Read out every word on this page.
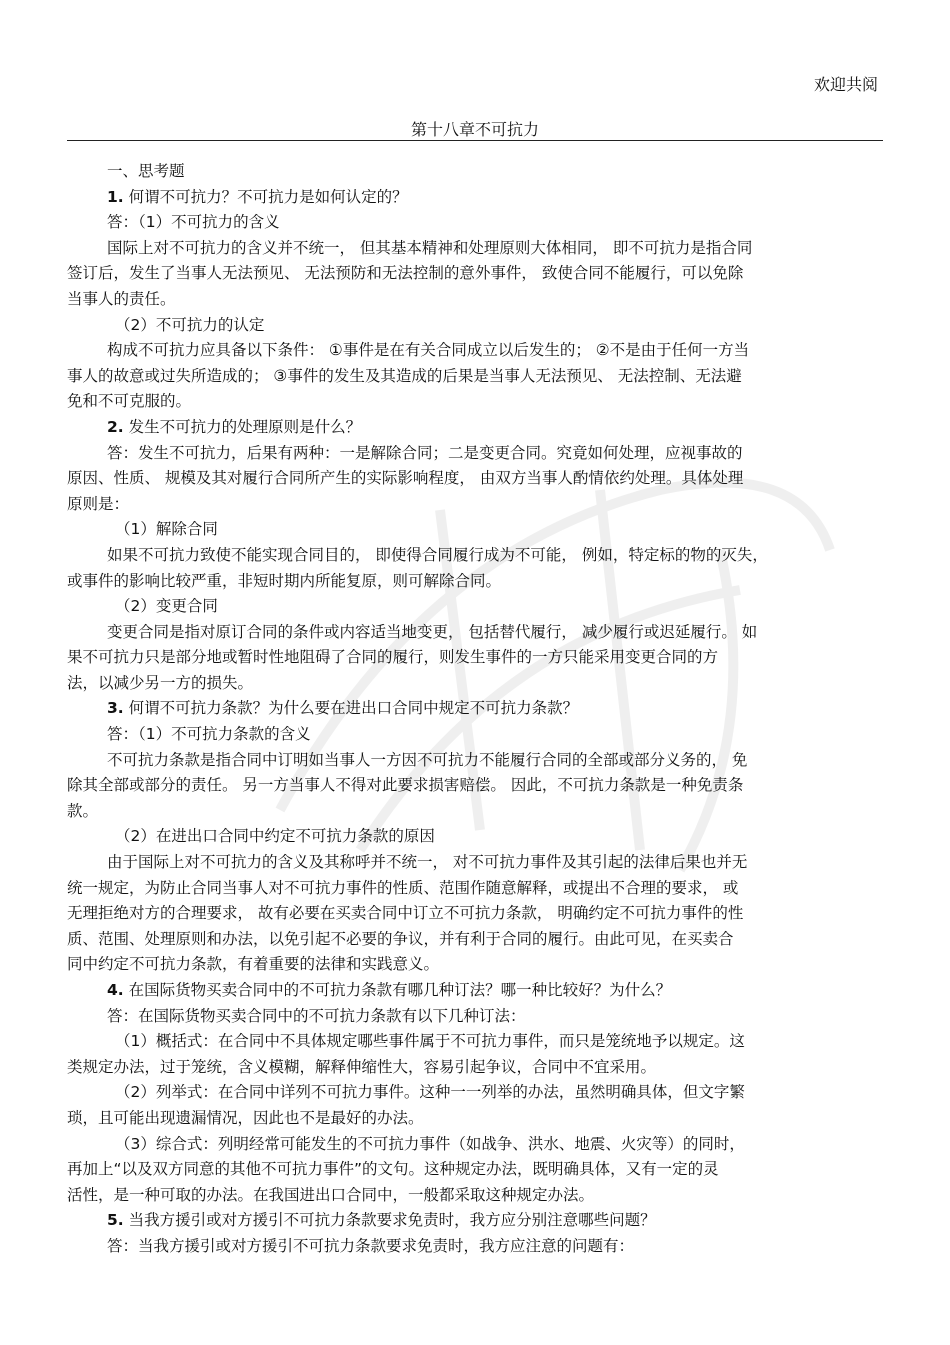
欢迎共阅
第十八章不可抗力
一、思考题
1. 何谓不可抗力？不可抗力是如何认定的？
答：（1）不可抗力的含义
国际上对不可抗力的含义并不统一， 但其基本精神和处理原则大体相同， 即不可抗力是指合同
签订后，发生了当事人无法预见、 无法预防和无法控制的意外事件， 致使合同不能履行，可以免除
当事人的责任。
（2）不可抗力的认定
构成不可抗力应具备以下条件： ①事件是在有关合同成立以后发生的； ②不是由于任何一方当
事人的故意或过失所造成的； ③事件的发生及其造成的后果是当事人无法预见、 无法控制、无法避
免和不可克服的。
2. 发生不可抗力的处理原则是什么？
答：发生不可抗力，后果有两种：一是解除合同；二是变更合同。究竟如何处理，应视事故的
原因、性质、 规模及其对履行合同所产生的实际影响程度， 由双方当事人酌情依约处理。具体处理
原则是：
（1）解除合同
如果不可抗力致使不能实现合同目的， 即使得合同履行成为不可能， 例如，特定标的物的灭失，
或事件的影响比较严重，非短时期内所能复原，则可解除合同。
（2）变更合同
变更合同是指对原订合同的条件或内容适当地变更， 包括替代履行， 减少履行或迟延履行。 如
果不可抗力只是部分地或暂时性地阻碍了合同的履行，则发生事件的一方只能采用变更合同的方
法，以减少另一方的损失。
3. 何谓不可抗力条款？为什么要在进出口合同中规定不可抗力条款？
答：（1）不可抗力条款的含义
不可抗力条款是指合同中订明如当事人一方因不可抗力不能履行合同的全部或部分义务的， 免
除其全部或部分的责任。 另一方当事人不得对此要求损害赔偿。 因此，不可抗力条款是一种免责条
款。
（2）在进出口合同中约定不可抗力条款的原因
由于国际上对不可抗力的含义及其称呼并不统一， 对不可抗力事件及其引起的法律后果也并无
统一规定，为防止合同当事人对不可抗力事件的性质、范围作随意解释，或提出不合理的要求， 或
无理拒绝对方的合理要求， 故有必要在买卖合同中订立不可抗力条款， 明确约定不可抗力事件的性
质、范围、处理原则和办法，以免引起不必要的争议，并有利于合同的履行。由此可见，在买卖合
同中约定不可抗力条款，有着重要的法律和实践意义。
4. 在国际货物买卖合同中的不可抗力条款有哪几种订法？哪一种比较好？为什么？
答：在国际货物买卖合同中的不可抗力条款有以下几种订法：
（1）概括式：在合同中不具体规定哪些事件属于不可抗力事件，而只是笼统地予以规定。这
类规定办法，过于笼统，含义模糊，解释伸缩性大，容易引起争议，合同中不宜采用。
（2）列举式：在合同中详列不可抗力事件。这种一一列举的办法，虽然明确具体，但文字繁
琐，且可能出现遗漏情况，因此也不是最好的办法。
（3）综合式：列明经常可能发生的不可抗力事件（如战争、洪水、地震、火灾等）的同时，
再加上“以及双方同意的其他不可抗力事件”的文句。这种规定办法，既明确具体，又有一定的灵
活性，是一种可取的办法。在我国进出口合同中，一般都采取这种规定办法。
5. 当我方援引或对方援引不可抗力条款要求免责时，我方应分别注意哪些问题？
答：当我方援引或对方援引不可抗力条款要求免责时，我方应注意的问题有：
